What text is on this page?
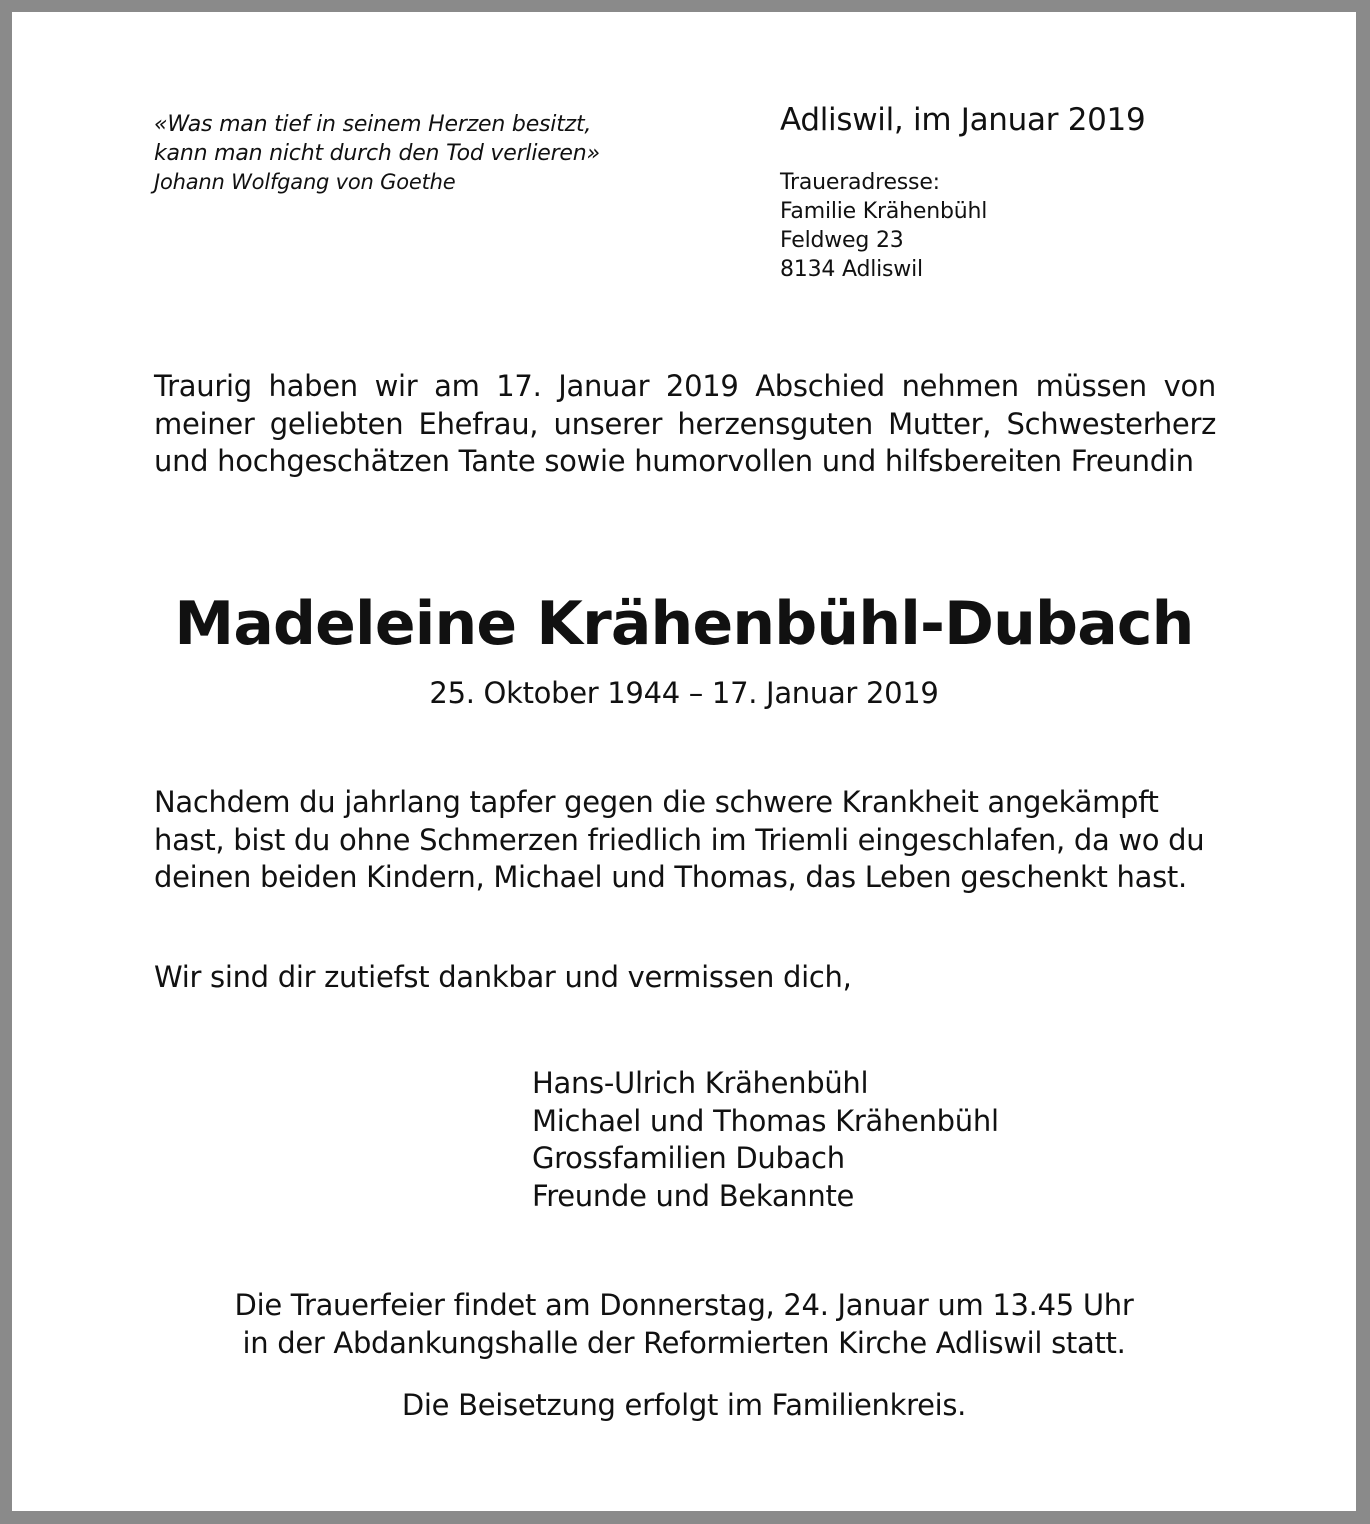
«Was man tief in seinem Herzen besitzt,
kann man nicht durch den Tod verlieren»
Johann Wolfgang von Goethe
Adliswil, im Januar 2019
Traueradresse:
Familie Krähenbühl
Feldweg 23
8134 Adliswil
Traurig haben wir am 17. Januar 2019 Abschied nehmen müssen von meiner geliebten Ehefrau, unserer herzensguten Mutter, Schwesterherz und hochgeschätzen Tante sowie humorvollen und hilfsbereiten Freundin
Madeleine Krähenbühl-Dubach
25. Oktober 1944 – 17. Januar 2019
Nachdem du jahrlang tapfer gegen die schwere Krankheit angekämpft hast, bist du ohne Schmerzen friedlich im Triemli eingeschlafen, da wo du deinen beiden Kindern, Michael und Thomas, das Leben geschenkt hast.
Wir sind dir zutiefst dankbar und vermissen dich,
Hans-Ulrich Krähenbühl
Michael und Thomas Krähenbühl
Grossfamilien Dubach
Freunde und Bekannte
Die Trauerfeier findet am Donnerstag, 24. Januar um 13.45 Uhr
in der Abdankungshalle der Reformierten Kirche Adliswil statt.
Die Beisetzung erfolgt im Familienkreis.
